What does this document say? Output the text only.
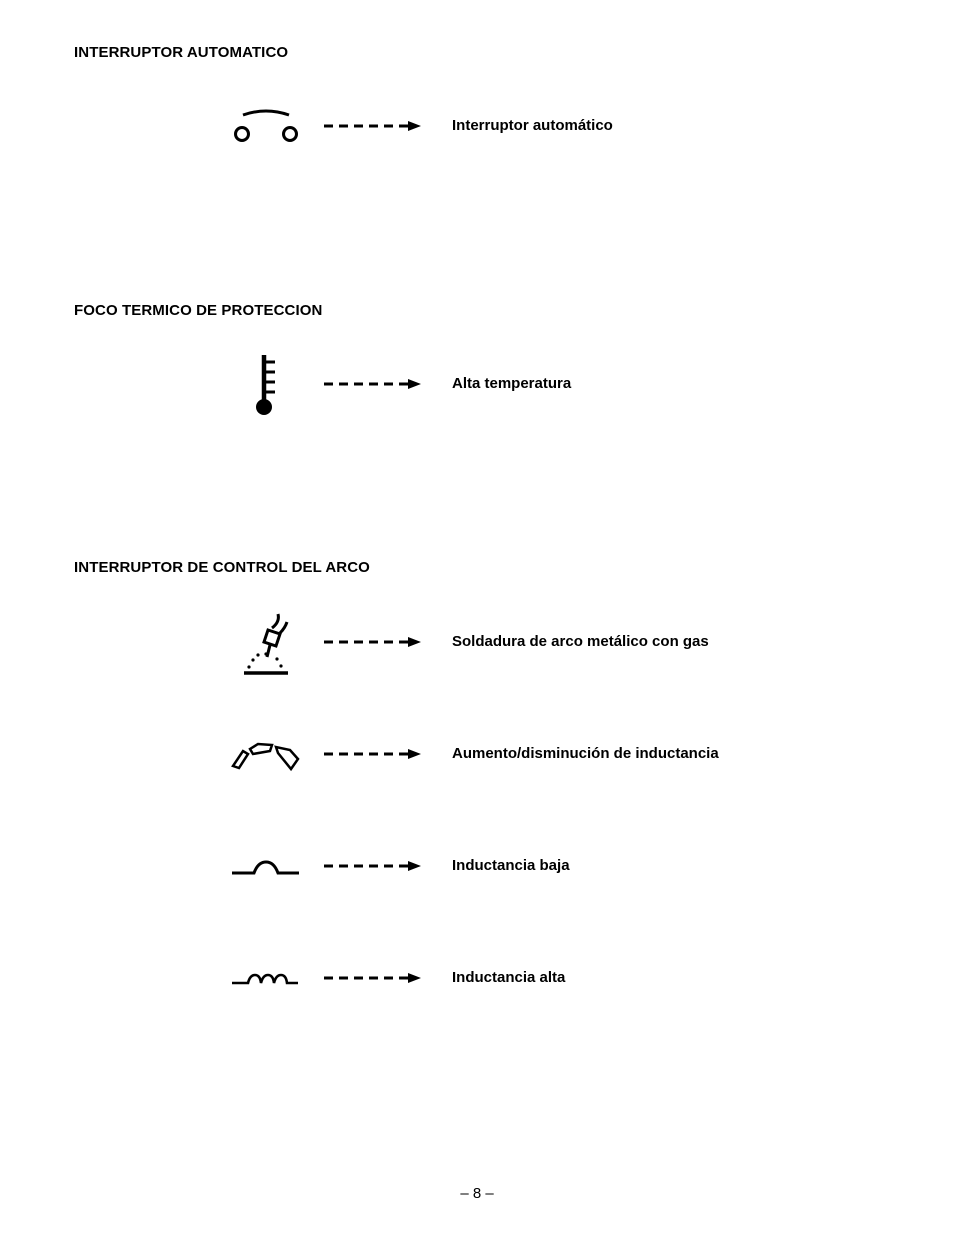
INTERRUPTOR AUTOMATICO
FOCO TERMICO DE PROTECCION
INTERRUPTOR DE CONTROL DEL ARCO
Interruptor automático
Alta temperatura
Soldadura de arco metálico con gas
Aumento/disminución de inductancia
Inductancia baja
Inductancia alta
– 8 –
